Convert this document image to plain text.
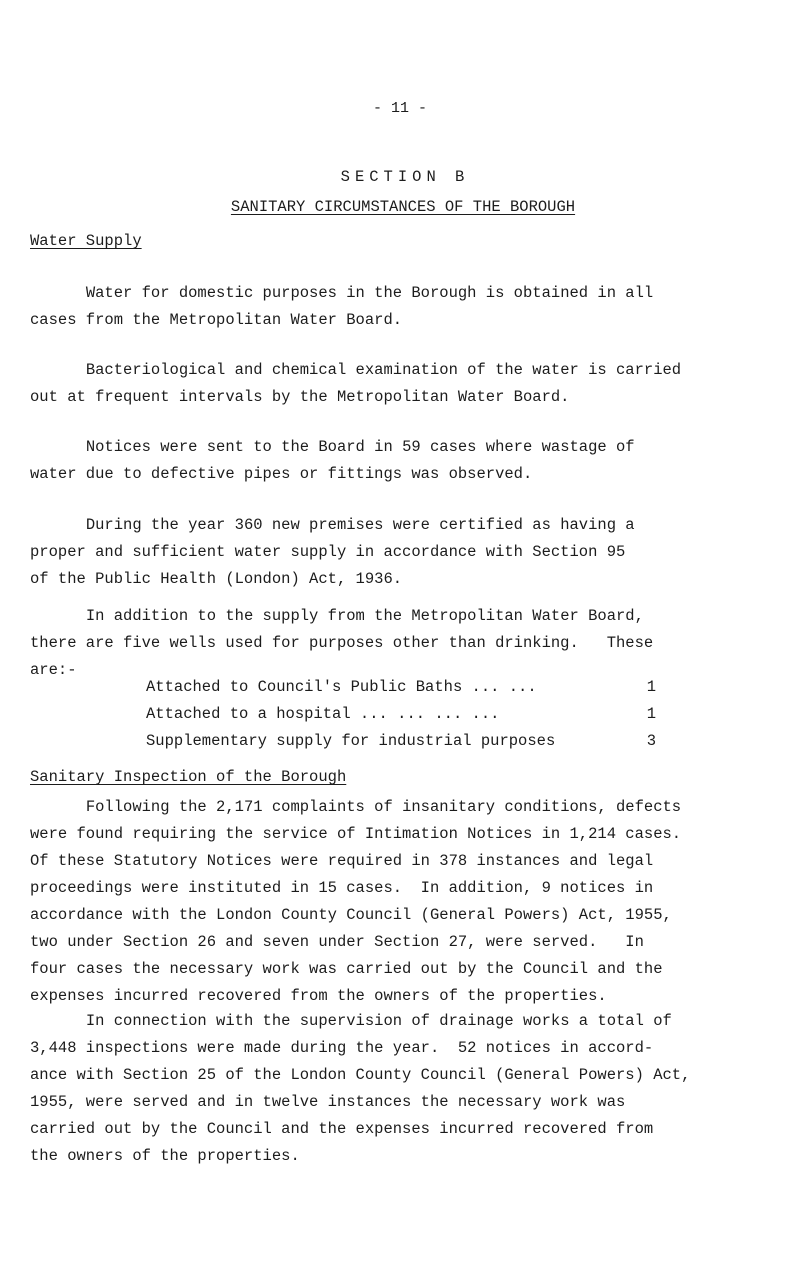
- 11 -
SECTION B
SANITARY CIRCUMSTANCES OF THE BOROUGH
Water Supply

Water for domestic purposes in the Borough is obtained in all
cases from the Metropolitan Water Board.

Bacteriological and chemical examination of the water is carried
out at frequent intervals by the Metropolitan Water Board.

Notices were sent to the Board in 59 cases where wastage of
water due to defective pipes or fittings was observed.

During the year 360 new premises were certified as having a
proper and sufficient water supply in accordance with Section 95
of the Public Health (London) Act, 1936.

In addition to the supply from the Metropolitan Water Board,
there are five wells used for purposes other than drinking.   These
are:-

Attached to Council's Public Baths ... ...	1
Attached to a hospital ... ... ... ...	1
Supplementary supply for industrial purposes	3
Sanitary Inspection of the Borough

Following the 2,171 complaints of insanitary conditions, defects
were found requiring the service of Intimation Notices in 1,214 cases.
Of these Statutory Notices were required in 378 instances and legal
proceedings were instituted in 15 cases.  In addition, 9 notices in
accordance with the London County Council (General Powers) Act, 1955,
two under Section 26 and seven under Section 27, were served.   In
four cases the necessary work was carried out by the Council and the
expenses incurred recovered from the owners of the properties.

In connection with the supervision of drainage works a total of
3,448 inspections were made during the year.  52 notices in accord-
ance with Section 25 of the London County Council (General Powers) Act,
1955, were served and in twelve instances the necessary work was
carried out by the Council and the expenses incurred recovered from
the owners of the properties.
